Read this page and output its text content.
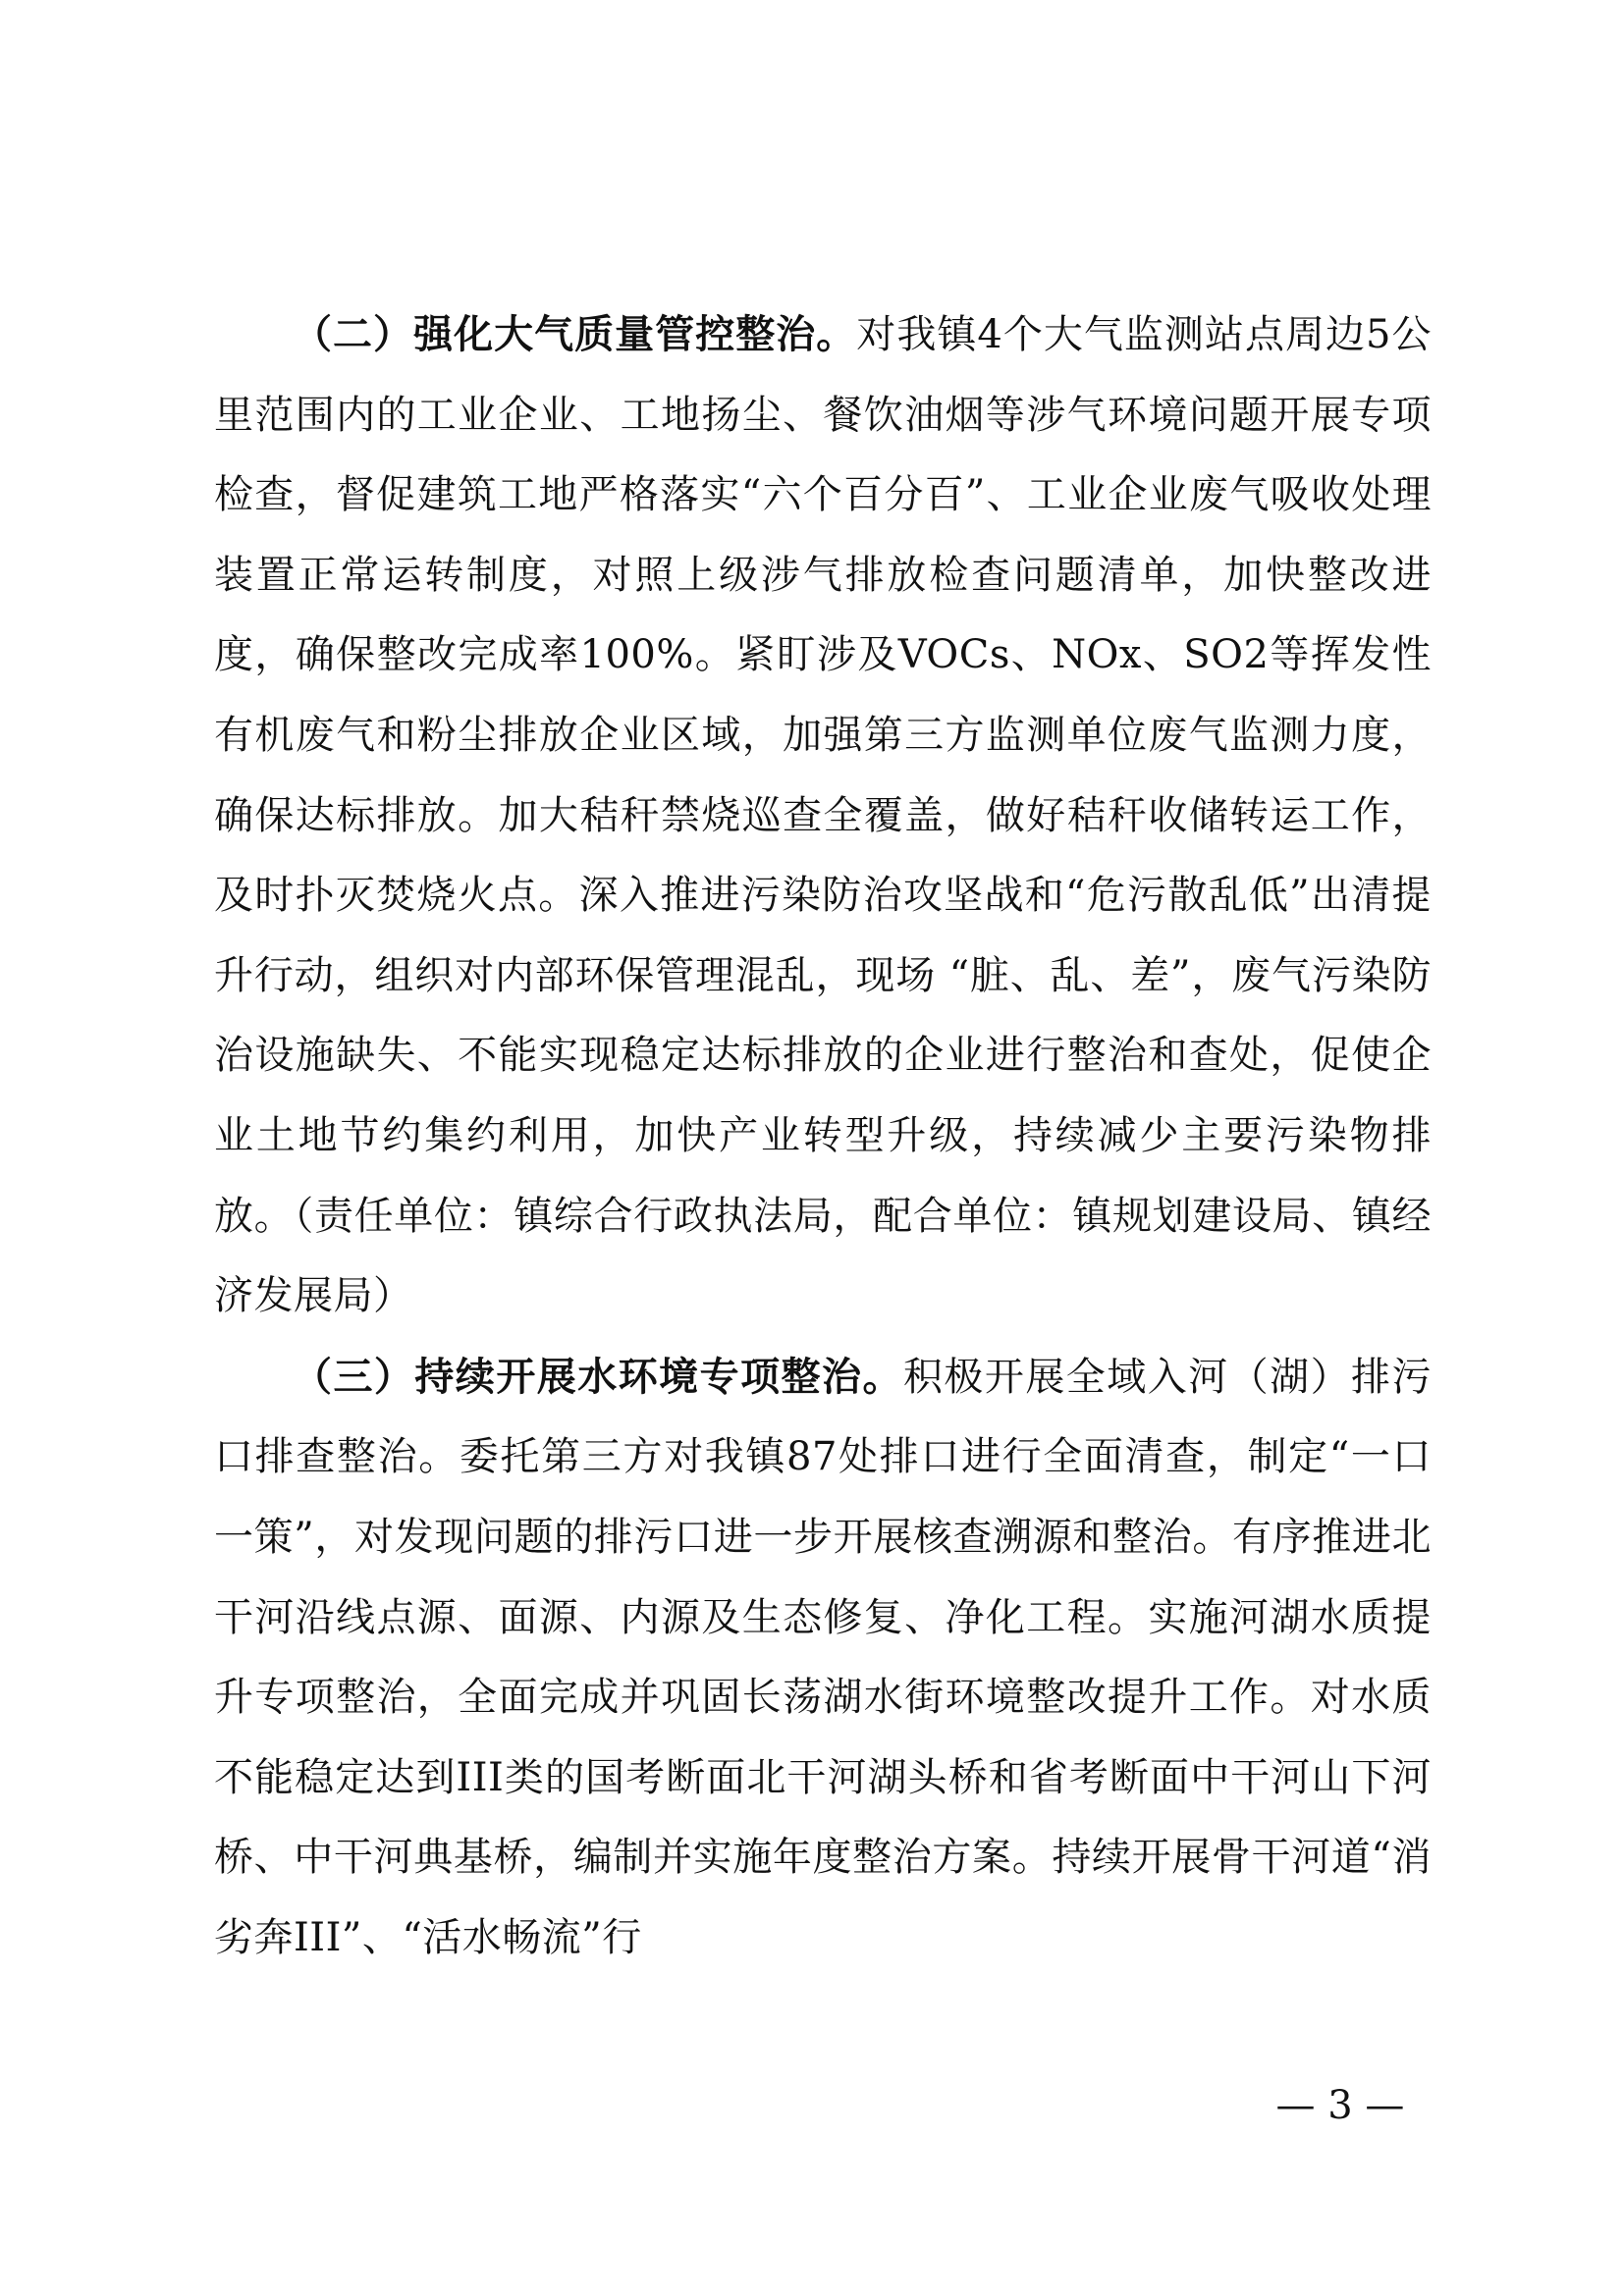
（二）强化大气质量管控整治。对我镇4个大气监测站点周边5公里范围内的工业企业、工地扬尘、餐饮油烟等涉气环境问题开展专项检查，督促建筑工地严格落实“六个百分百”、工业企业废气吸收处理装置正常运转制度，对照上级涉气排放检查问题清单，加快整改进度，确保整改完成率100%。紧盯涉及VOCs、NOx、SO2等挥发性有机废气和粉尘排放企业区域，加强第三方监测单位废气监测力度，确保达标排放。加大秸秆禁烧巡查全覆盖，做好秸秆收储转运工作，及时扑灭焚烧火点。深入推进污染防治攻坚战和“危污散乱低”出清提升行动，组织对内部环保管理混乱，现场 “脏、乱、差”，废气污染防治设施缺失、不能实现稳定达标排放的企业进行整治和查处，促使企业土地节约集约利用，加快产业转型升级，持续减少主要污染物排放。（责任单位：镇综合行政执法局，配合单位：镇规划建设局、镇经济发展局）

（三）持续开展水环境专项整治。积极开展全域入河（湖）排污口排查整治。委托第三方对我镇87处排口进行全面清查，制定“一口一策”，对发现问题的排污口进一步开展核查溯源和整治。有序推进北干河沿线点源、面源、内源及生态修复、净化工程。实施河湖水质提升专项整治，全面完成并巩固长荡湖水街环境整改提升工作。对水质不能稳定达到III类的国考断面北干河湖头桥和省考断面中干河山下河桥、中干河典基桥，编制并实施年度整治方案。持续开展骨干河道“消劣奔III”、“活水畅流”行

— 3 —
